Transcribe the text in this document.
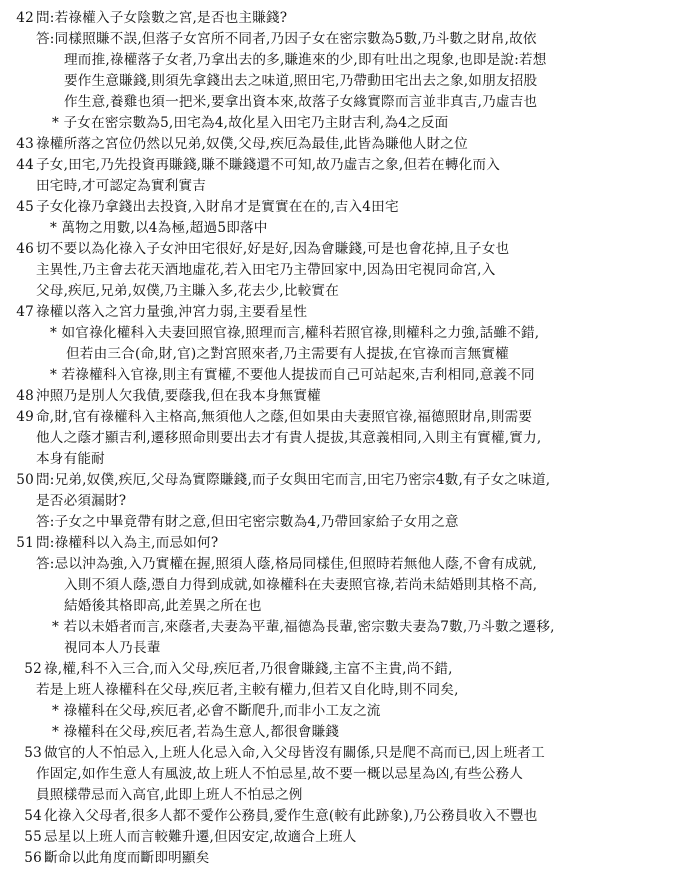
42 問:若祿權入子女陰數之宮,是否也主賺錢?
答:同樣照賺不誤,但落子女宮所不同者,乃因子女在密宗數為5數,乃斗數之財帛,故依
理而推,祿權落子女者,乃拿出去的多,賺進來的少,即有吐出之現象,也即是說:若想
要作生意賺錢,則須先拿錢出去之味道,照田宅,乃帶動田宅出去之象,如朋友招股
作生意,養雞也須一把米,要拿出資本來,故落子女緣實際而言並非真吉,乃虛吉也
* 子女在密宗數為5,田宅為4,故化星入田宅乃主財吉利,為4之反面
43 祿權所落之宮位仍然以兄弟,奴僕,父母,疾厄為最佳,此皆為賺他人財之位
44 子女,田宅,乃先投資再賺錢,賺不賺錢還不可知,故乃虛吉之象,但若在轉化而入
田宅時,才可認定為實利實吉
45 子女化祿乃拿錢出去投資,入財帛才是實實在在的,吉入4田宅
* 萬物之用數,以4為極,超過5即落中
46 切不要以為化祿入子女沖田宅很好,好是好,因為會賺錢,可是也會花掉,且子女也
主異性,乃主會去花天酒地虛花,若入田宅乃主帶回家中,因為田宅視同命宮,入
父母,疾厄,兄弟,奴僕,乃主賺入多,花去少,比較實在
47 祿權以落入之宮力量強,沖宮力弱,主要看星性
* 如官祿化權科入夫妻回照官祿,照理而言,權科若照官祿,則權科之力強,話雖不錯,
但若由三合(命,財,官)之對宮照來者,乃主需要有人提拔,在官祿而言無實權
* 若祿權科入官祿,則主有實權,不要他人提拔而自己可站起來,吉利相同,意義不同
48 沖照乃是別人欠我債,要蔭我,但在我本身無實權
49 命,財,官有祿權科入主格高,無須他人之蔭,但如果由夫妻照官祿,福德照財帛,則需要
他人之蔭才顯吉利,遷移照命則要出去才有貴人提拔,其意義相同,入則主有實權,實力,
本身有能耐
50 問:兄弟,奴僕,疾厄,父母為實際賺錢,而子女與田宅而言,田宅乃密宗4數,有子女之味道,
是否必須漏財?
答:子女之中畢竟帶有財之意,但田宅密宗數為4,乃帶回家給子女用之意
51 問:祿權科以入為主,而忌如何?
答:忌以沖為強,入乃實權在握,照須人蔭,格局同樣佳,但照時若無他人蔭,不會有成就,
入則不須人蔭,憑自力得到成就,如祿權科在夫妻照官祿,若尚未結婚則其格不高,
結婚後其格即高,此差異之所在也
* 若以未婚者而言,來蔭者,夫妻為平輩,福德為長輩,密宗數夫妻為7數,乃斗數之遷移,
視同本人乃長輩
52 祿,權,科不入三合,而入父母,疾厄者,乃很會賺錢,主富不主貴,尚不錯,
若是上班人祿權科在父母,疾厄者,主較有權力,但若又自化時,則不同矣,
* 祿權科在父母,疾厄者,必會不斷爬升,而非小工友之流
* 祿權科在父母,疾厄者,若為生意人,都很會賺錢
53 做官的人不怕忌入,上班人化忌入命,入父母皆沒有關係,只是爬不高而已,因上班者工
作固定,如作生意人有風波,故上班人不怕忌星,故不要一概以忌星為凶,有些公務人
員照樣帶忌而入高官,此即上班人不怕忌之例
54 化祿入父母者,很多人都不愛作公務員,愛作生意(較有此跡象),乃公務員收入不豐也
55 忌星以上班人而言較難升遷,但因安定,故適合上班人
56 斷命以此角度而斷即明顯矣
